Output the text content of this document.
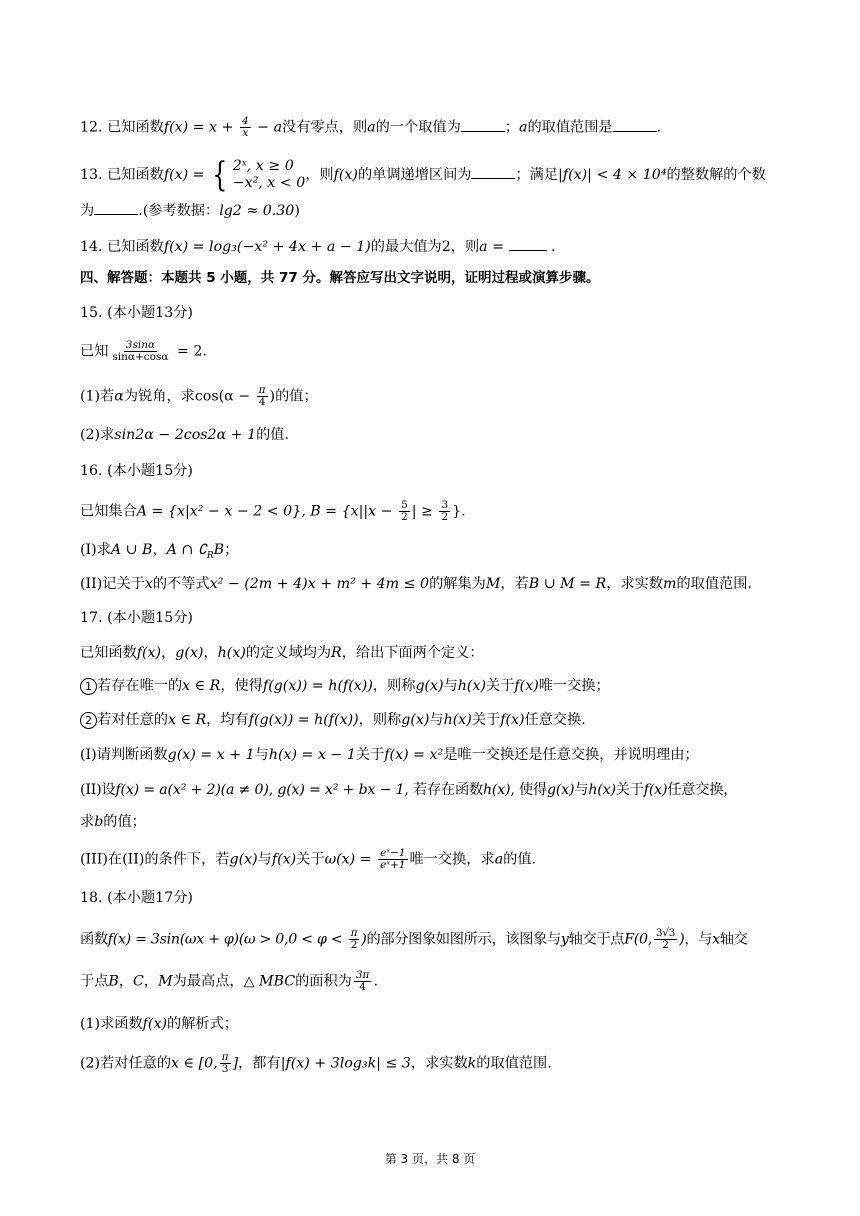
12. 已知函数$f(x) = x + \frac{4}{x} - a$没有零点，则a的一个取值为	；a的取值范围是	.
13. 已知函数f(x) = { 2ˣ, x ≥ 0
−x², x < 0 ，则f(x)的单调递增区间为	；满足|f(x)| < 4 × 10⁴的整数解的个数
为	.(参考数据：lg2 ≈ 0.30)
14. 已知函数f(x) = log₃(−x² + 4x + a − 1)的最大值为2，则a =	.
四、解答题：本题共 5 小题，共 77 分。解答应写出文字说明，证明过程或演算步骤。
15. (本小题13分)
已知 $\frac{3\sin\alpha}{\sin\alpha+\cos\alpha} = 2$.
(1)若α为锐角，求$\cos(\alpha - \frac{\pi}{4}$ )的值；
(2)求sin2α − 2cos2α + 1的值.
16. (本小题15分)
已知集合A = {x|x² − x − 2 < 0}, $B = \{x||x - \frac{5}{2}$ | ≥ $\frac{3}{2}$ }.
(I)求A ∪ B，A ∩ $∁_RB$；
(II)记关于x的不等式x² − (2m + 4)x + m² + 4m ≤ 0的解集为M，若B ∪ M = R，求实数m的取值范围.
17. (本小题15分)
已知函数f(x)，g(x)，h(x)的定义域均为R，给出下面两个定义：
1 若存在唯一的x ∈ R，使得f(g(x)) = h(f(x))，则称g(x)与h(x)关于f(x)唯一交换；
2 若对任意的x ∈ R，均有f(g(x)) = h(f(x))，则称g(x)与h(x)关于f(x)任意交换.
(I)请判断函数g(x) = x + 1与h(x) = x − 1关于f(x) = x²是唯一交换还是任意交换，并说明理由；
(II)设f(x) = a(x² + 2)(a ≠ 0), g(x) = x² + bx − 1, 若存在函数h(x), 使得g(x)与h(x)关于f(x)任意交换，
求b的值；
(III)在(II)的条件下，若g(x)与f(x)关于$\omega(x) = \frac{\text{eˣ−1}}{\text{eˣ+1}}$ 唯一交换，求a的值.
18. (本小题17分)
函数$f(x) = 3\sin(\omega x + \varphi)(\omega > 0,0 < \varphi < \frac{\pi}{2}$ )的部分图象如图所示，该图象与y轴交于点F(0, $\frac{3√3}{2}$ )，与x轴交
于点B，C，M为最高点，△ MBC的面积为 $\frac{3\pi}{4}$ .
(1)求函数f(x)的解析式；
(2)若对任意的x ∈ [0, $\frac{\pi}{3}$ ]，都有|f(x) + 3log₃k| ≤ 3，求实数k的取值范围.
第 3 页，共 8 页
